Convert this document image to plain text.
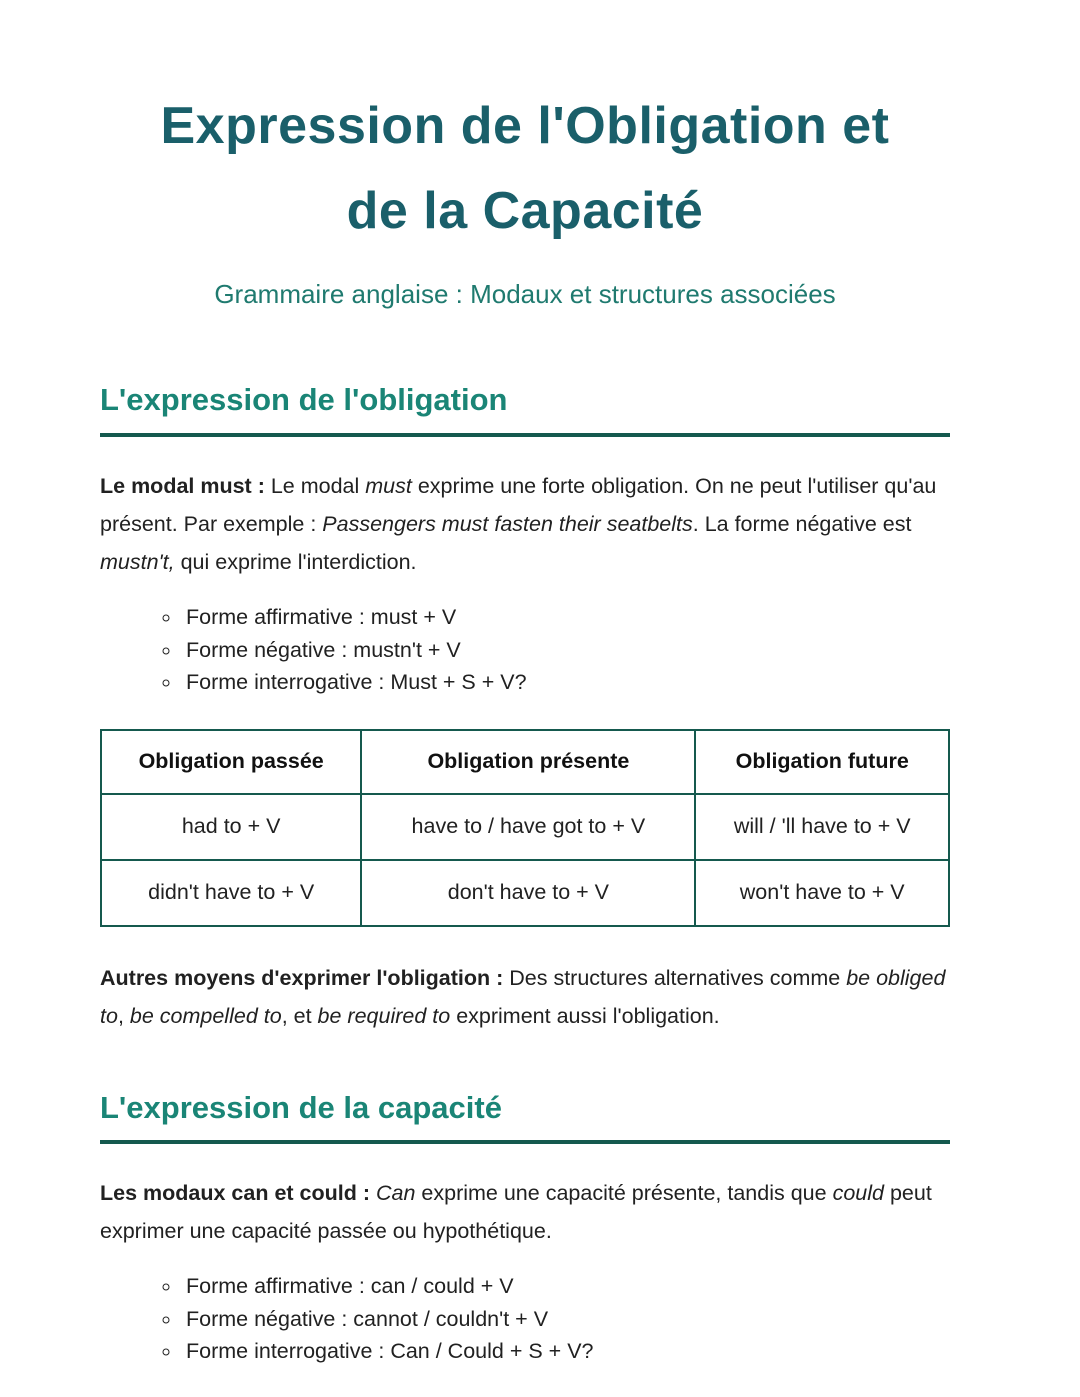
Expression de l'Obligation et
de la Capacité

Grammaire anglaise : Modaux et structures associées

L'expression de l'obligation

Le modal must : Le modal must exprime une forte obligation. On ne peut l'utiliser qu'au présent. Par exemple : Passengers must fasten their seatbelts. La forme négative est mustn't, qui exprime l'interdiction.

◦ Forme affirmative : must + V
◦ Forme négative : mustn't + V
◦ Forme interrogative : Must + S + V?
Obligation passée	Obligation présente	Obligation future
had to + V	have to / have got to + V	will / 'll have to + V
didn't have to + V	don't have to + V	won't have to + V

Autres moyens d'exprimer l'obligation : Des structures alternatives comme be obliged to, be compelled to, et be required to expriment aussi l'obligation.

L'expression de la capacité

Les modaux can et could : Can exprime une capacité présente, tandis que could peut exprimer une capacité passée ou hypothétique.

◦ Forme affirmative : can / could + V
◦ Forme négative : cannot / couldn't + V
◦ Forme interrogative : Can / Could + S + V?
